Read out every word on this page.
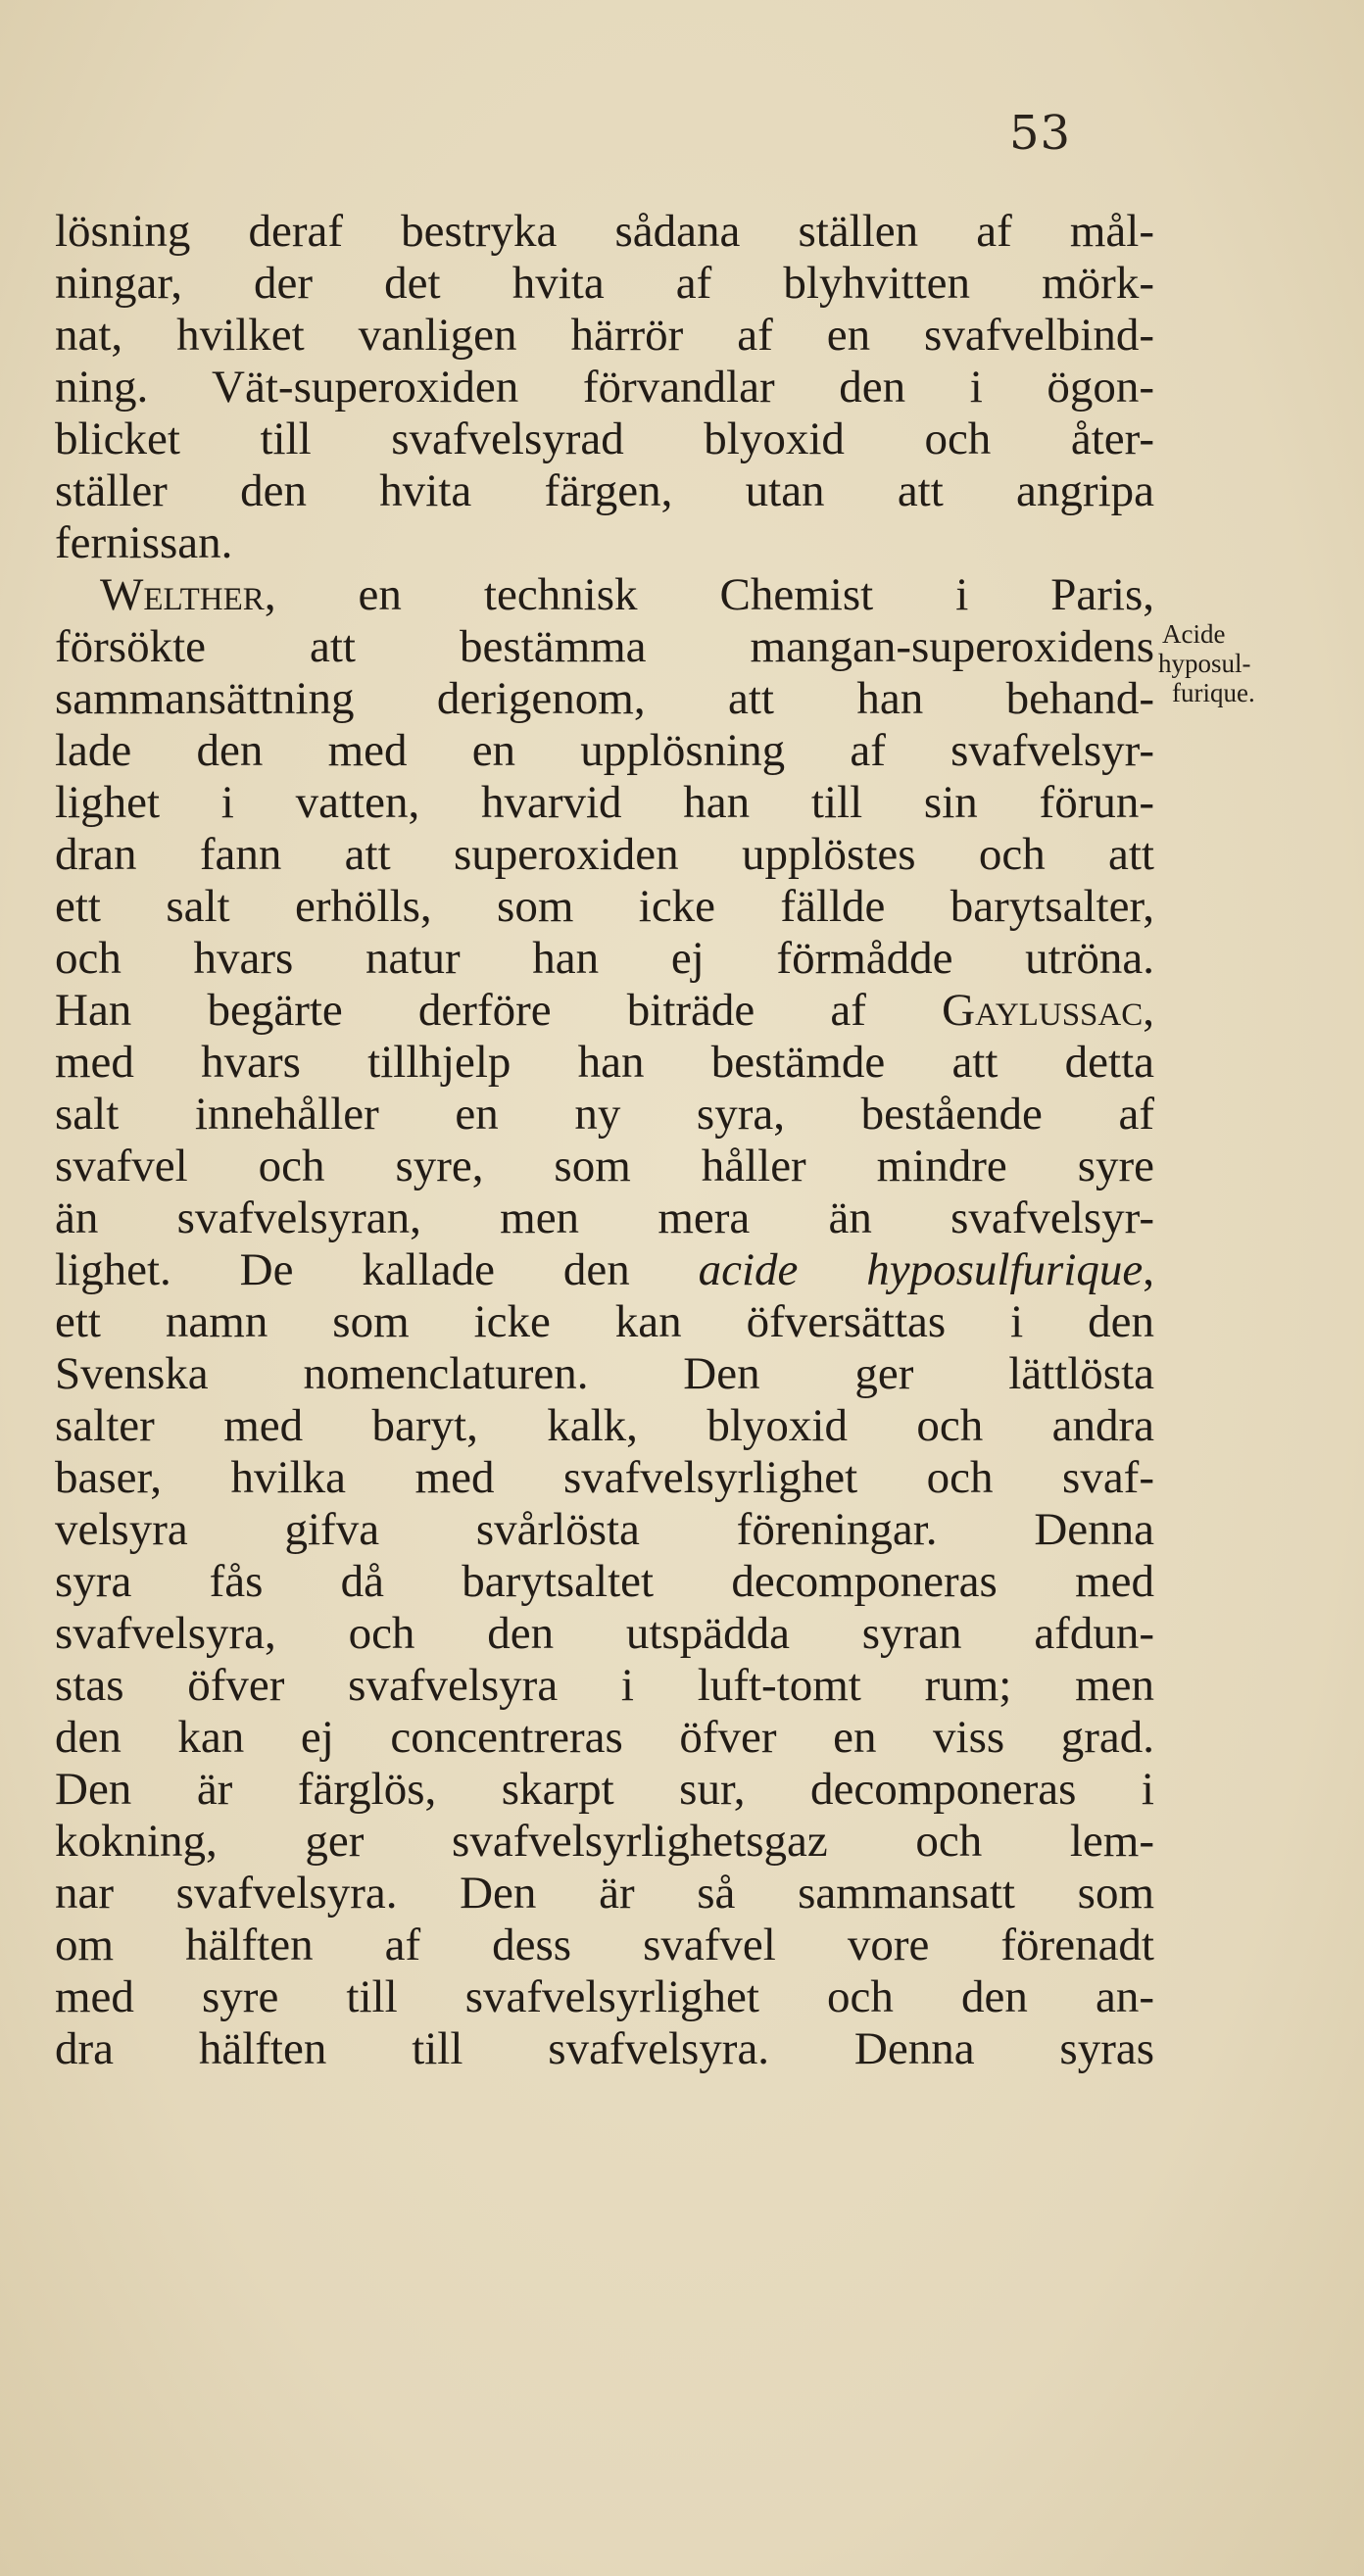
53
lösning deraf bestryka sådana ställen af mål-
ningar, der det hvita af blyhvitten mörk-
nat, hvilket vanligen härrör af en svafvelbind-
ning. Vät-superoxiden förvandlar den i ögon-
blicket till svafvelsyrad blyoxid och åter-
ställer den hvita färgen, utan att angripa
fernissan.
Welther, en technisk Chemist i Paris,
försökte att bestämma mangan-superoxidens
sammansättning derigenom, att han behand-
lade den med en upplösning af svafvelsyr-
lighet i vatten, hvarvid han till sin förun-
dran fann att superoxiden upplöstes och att
ett salt erhölls, som icke fällde barytsalter,
och hvars natur han ej förmådde utröna.
Han begärte derföre biträde af Gaylussac,
med hvars tillhjelp han bestämde att detta
salt innehåller en ny syra, bestående af
svafvel och syre, som håller mindre syre
än svafvelsyran, men mera än svafvelsyr-
lighet. De kallade den acide hyposulfurique,
ett namn som icke kan öfversättas i den
Svenska nomenclaturen. Den ger lättlösta
salter med baryt, kalk, blyoxid och andra
baser, hvilka med svafvelsyrlighet och svaf-
velsyra gifva svårlösta föreningar. Denna
syra fås då barytsaltet decomponeras med
svafvelsyra, och den utspädda syran afdun-
stas öfver svafvelsyra i luft-tomt rum; men
den kan ej concentreras öfver en viss grad.
Den är färglös, skarpt sur, decomponeras i
kokning, ger svafvelsyrlighetsgaz och lem-
nar svafvelsyra. Den är så sammansatt som
om hälften af dess svafvel vore förenadt
med syre till svafvelsyrlighet och den an-
dra hälften till svafvelsyra. Denna syras
Acide
hyposul-
furique.
